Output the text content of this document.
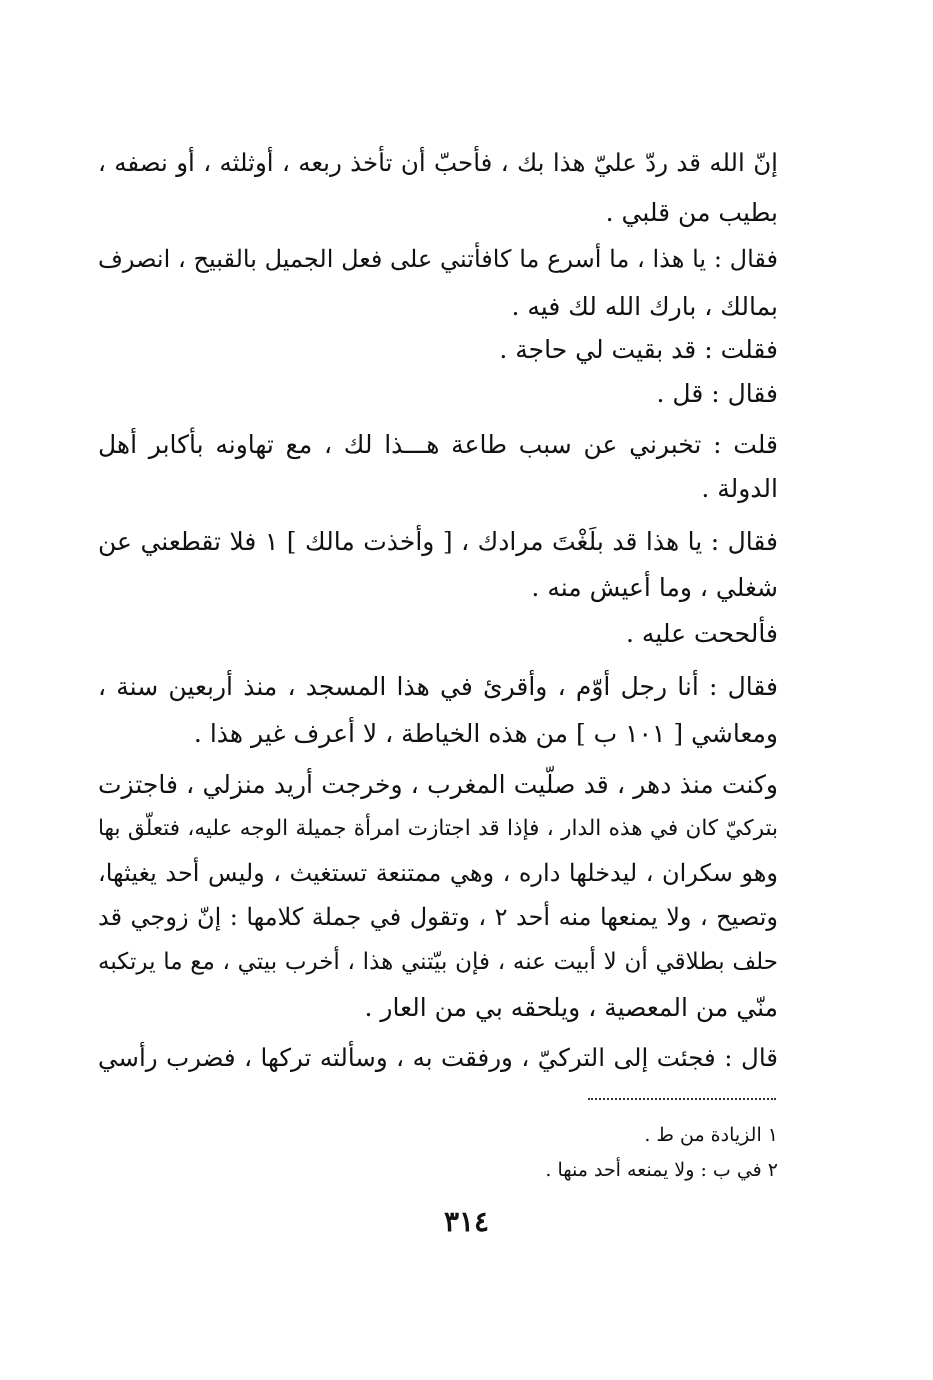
إنّ الله قد ردّ عليّ هذا بك ، فأحبّ أن تأخذ ربعه ، أوثلثه ، أو نصفه ،
بطيب من قلبي .
فقال : يا هذا ، ما أسرع ما كافأتني على فعل الجميل بالقبيح ، انصرف
بمالك ، بارك الله لك فيه .
فقلت : قد بقيت لي حاجة .
فقال : قل .
قلت : تخبرني عن سبب طاعة هـــذا لك ، مع تهاونه بأكابر أهل
الدولة .
فقال : يا هذا قد بلَغْتَ مرادك ، [ وأخذت مالك ] ١ فلا تقطعني عن
شغلي ، وما أعيش منه .
فألححت عليه .
فقال : أنا رجل أوّم ، وأقرئ في هذا المسجد ، منذ أربعين سنة ،
ومعاشي [ ١٠١ ب ] من هذه الخياطة ، لا أعرف غير هذا .
وكنت منذ دهر ، قد صلّيت المغرب ، وخرجت أريد منزلي ، فاجتزت
بتركيّ كان في هذه الدار ، فإذا قد اجتازت امرأة جميلة الوجه عليه، فتعلّق بها
وهو سكران ، ليدخلها داره ، وهي ممتنعة تستغيث ، وليس أحد يغيثها،
وتصيح ، ولا يمنعها منه أحد ٢ ، وتقول في جملة كلامها : إنّ زوجي قد
حلف بطلاقي أن لا أبيت عنه ، فإن بيّتني هذا ، أخرب بيتي ، مع ما يرتكبه
منّي من المعصية ، ويلحقه بي من العار .
قال : فجئت إلى التركيّ ، ورفقت به ، وسألته تركها ، فضرب رأسي
١ الزيادة من ط .
٢ في ب : ولا يمنعه أحد منها .
٣١٤
